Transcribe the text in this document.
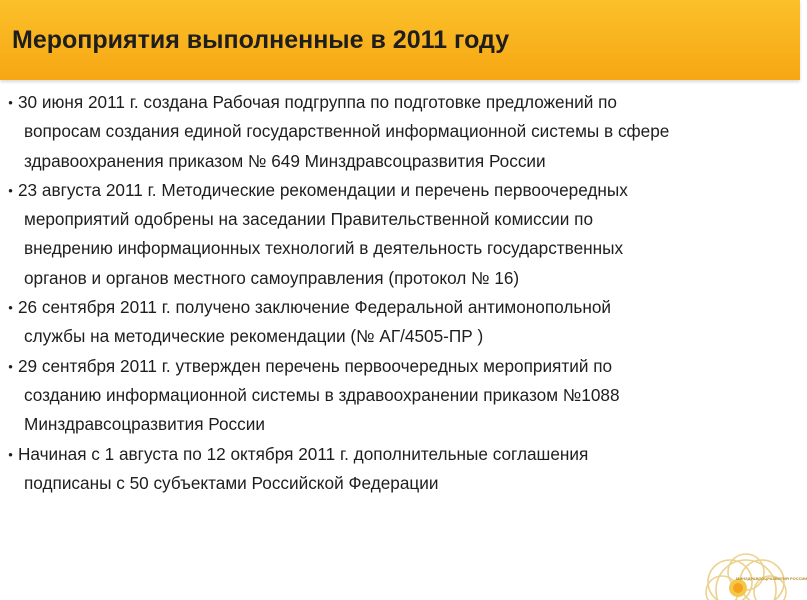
Мероприятия выполненные в 2011 году
• 30 июня 2011 г. создана Рабочая подгруппа по подготовке предложений по
вопросам создания единой государственной информационной системы в сфере
здравоохранения приказом № 649 Минздравсоцразвития России
• 23 августа 2011 г. Методические рекомендации и перечень первоочередных
мероприятий одобрены на заседании Правительственной комиссии по
внедрению информационных технологий в деятельность государственных
органов и органов местного самоуправления (протокол № 16)
• 26 сентября 2011 г. получено заключение Федеральной антимонопольной
службы на методические рекомендации (№ АГ/4505-ПР )
• 29 сентября 2011 г. утвержден перечень первоочередных мероприятий по
созданию информационной системы в здравоохранении приказом №1088
Минздравсоцразвития России
• Начиная с 1 августа по 12 октября 2011 г. дополнительные соглашения
подписаны с 50 субъектами Российской Федерации
МИНЗДРАВСОЦРАЗВИТИЯ РОССИИ
